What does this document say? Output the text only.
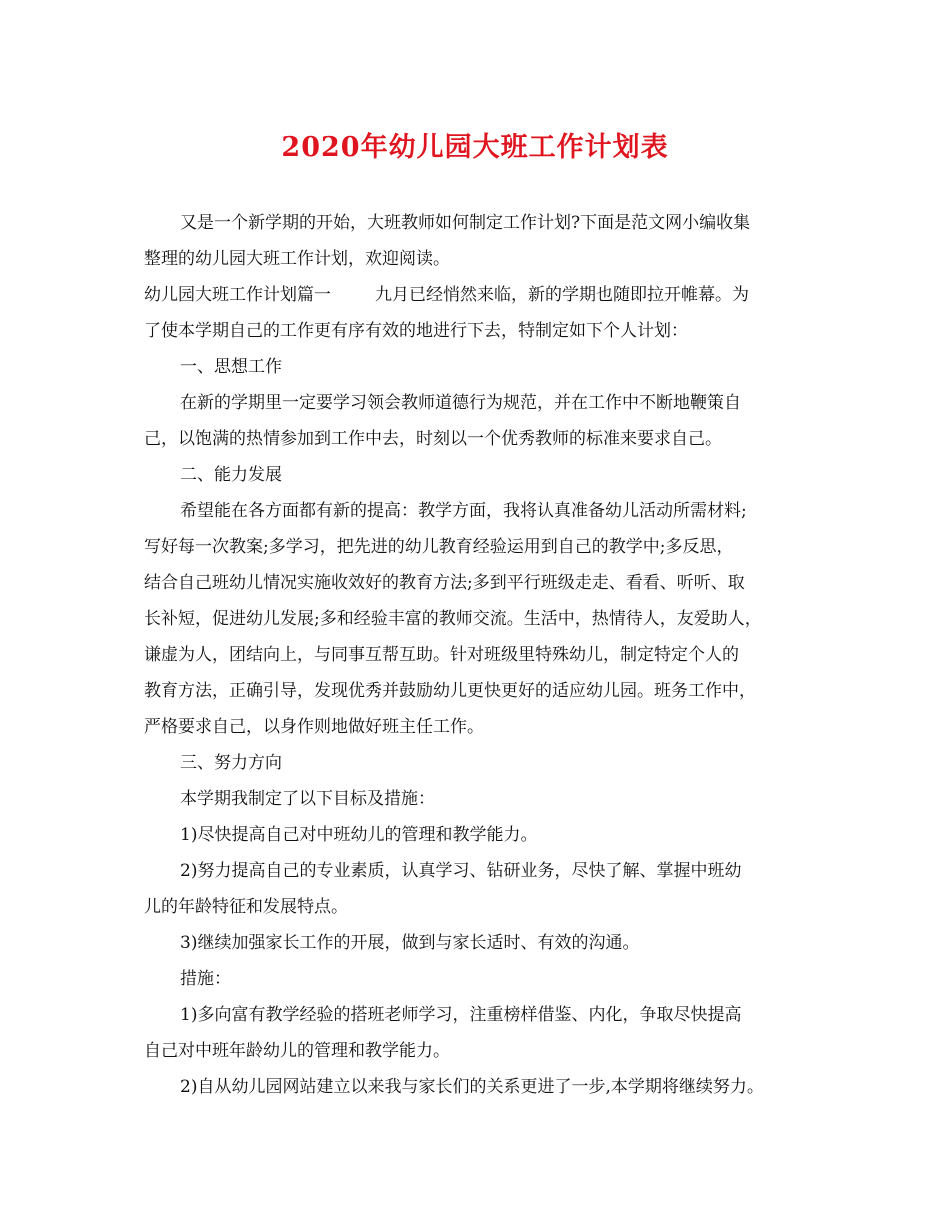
2020年幼儿园大班工作计划表
又是一个新学期的开始，大班教师如何制定工作计划?下面是范文网小编收集
整理的幼儿园大班工作计划，欢迎阅读。
幼儿园大班工作计划篇一	九月已经悄然来临，新的学期也随即拉开帷幕。为
了使本学期自己的工作更有序有效的地进行下去，特制定如下个人计划：
一、思想工作
在新的学期里一定要学习领会教师道德行为规范，并在工作中不断地鞭策自
己，以饱满的热情参加到工作中去，时刻以一个优秀教师的标准来要求自己。
二、能力发展
希望能在各方面都有新的提高：教学方面，我将认真准备幼儿活动所需材料;
写好每一次教案;多学习，把先进的幼儿教育经验运用到自己的教学中;多反思，
结合自己班幼儿情况实施收效好的教育方法;多到平行班级走走、看看、听听、取
长补短，促进幼儿发展;多和经验丰富的教师交流。生活中，热情待人，友爱助人，
谦虚为人，团结向上，与同事互帮互助。针对班级里特殊幼儿，制定特定个人的
教育方法，正确引导，发现优秀并鼓励幼儿更快更好的适应幼儿园。班务工作中，
严格要求自己，以身作则地做好班主任工作。
三、努力方向
本学期我制定了以下目标及措施：
1)尽快提高自己对中班幼儿的管理和教学能力。
2)努力提高自己的专业素质，认真学习、钻研业务，尽快了解、掌握中班幼
儿的年龄特征和发展特点。
3)继续加强家长工作的开展，做到与家长适时、有效的沟通。
措施：
1)多向富有教学经验的搭班老师学习，注重榜样借鉴、内化，争取尽快提高
自己对中班年龄幼儿的管理和教学能力。
2)自从幼儿园网站建立以来我与家长们的关系更进了一步,本学期将继续努力。
